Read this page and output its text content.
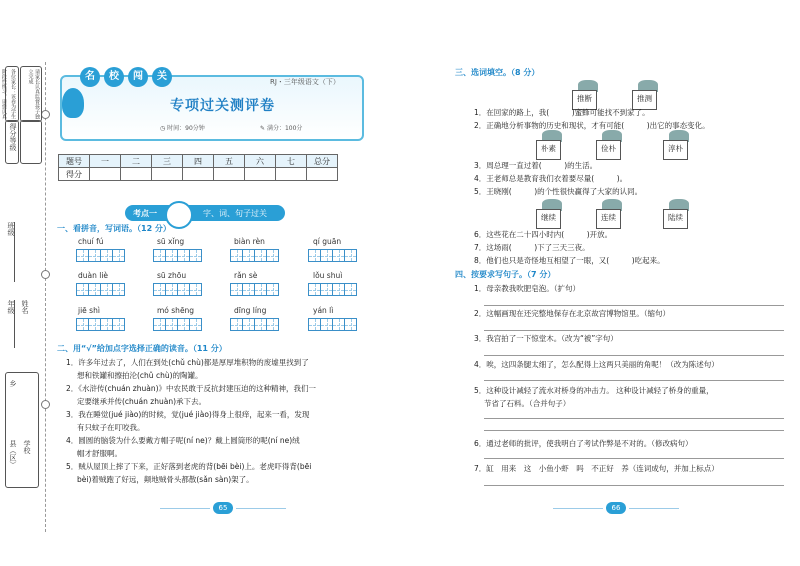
各位家长：该卷为学生阶段性练习，请您认真	请家长认真监督孩子独立完成
得分等级
班级
年级 姓名
乡
县（区） 学校
名	校	闯	关	RJ・三年级语文（下）
专项过关测评卷
◷ 时间：90分钟	✎ 满分：100分
题号	一	二	三	四	五	六	七	总分
得分								
考点一	字、词、句子过关
一、看拼音，写词语。（12 分）
chuí fú	sū xǐng	biàn rèn	qí guān
duàn liè	sū zhōu	rǎn sè	lǒu shuì
jiē shì	mó shēng	dīng líng	yán lì
二、用“√”给加点字选择正确的读音。（11 分）
1．许多年过去了，人们在到处(chǔ chù)都是厚厚堆积物的废墟里找到了
想和铁罐和擦拍沦(chǔ chù)的陶罐。
2．《水浒传(chuán zhuàn)》中农民敢于反抗封建压迫的这种精神，我们一
定要继承并传(chuán zhuàn)承下去。
3．我在睡觉(jué jiào)的时候，觉(jué jiào)得身上很痒，起来一看，发现
有只蚊子在叮咬我。
4．圆圆的脑袋为什么要戴方帽子呢(ní ne)？戴上圆筒形的呢(ní ne)绒
帽才舒服啊。
5．贼从屋顶上摔了下来，正好落到老虎的背(bēi bèi)上。老虎吓得背(bēi
bèi)着贼跑了好远，颠地贼骨头都散(sǎn sàn)架了。
65
三、选词填空。（8 分）
推断	推测
1．在回家的路上，我(　　　)蜜蜂可能找不到家了。
2．正确地分析事物的历史和现状，才有可能(　　　)出它的事态变化。
朴素	俭朴	淳朴
3．周总理一直过着(　　　)的生活。
4．王老师总是教育我们衣着要尽量(　　　)。
5．王晓刚(　　　)的个性很快赢得了大家的认同。
继续	连续	陆续
6．这些花在二十四小时内(　　　)开放。
7．这场雨(　　　)下了三天三夜。
8．他们也只是奇怪地互相望了一眼，又(　　　)吃起来。
四、按要求写句子。（7 分）
1．母亲教我吹肥皂泡。（扩句）
2．这幅画现在还完整地保存在北京故宫博物馆里。（缩句）
3．我宫拍了一下惊堂木。（改为“被”字句）
4．唉，这四条腿太细了，怎么配得上这两只美丽的角呢！（改为陈述句）
5．这种设计减轻了流水对桥身的冲击力。 这种设计减轻了桥身的重量，
节省了石料。（合并句子）
6．通过老师的批评，使我明白了考试作弊是不对的。（修改病句）
7．缸　用来　这　小鱼小虾　吗　不正好　养（连词成句，并加上标点）
66
